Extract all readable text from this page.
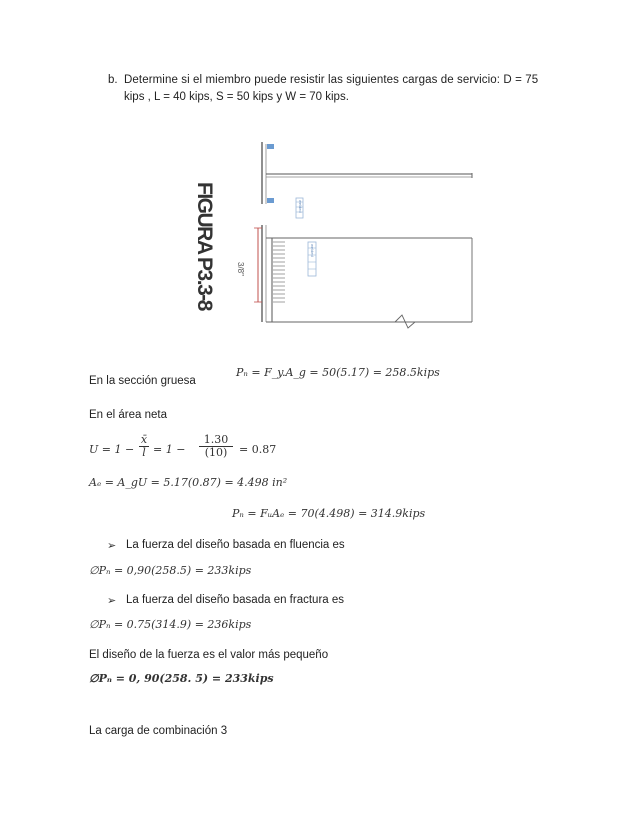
b. Determine si el miembro puede resistir las siguientes cargas de servicio: D = 75
kips , L = 40 kips, S = 50 kips y W = 70 kips.
FIGURA P3.3-8	3/8"
welded
welded
En la sección gruesa
Pₙ = F_y.A_g = 50(5.17) = 258.5kips
En el área neta
U = 1 −
x̄
l = 1 −
1.30
(10)	= 0.87
Aₑ = A_gU = 5.17(0.87) = 4.498 in²
Pₙ = FᵤAₑ = 70(4.498) = 314.9kips
➢ La fuerza del diseño basada en fluencia es
∅Pₙ = 0,90(258.5) = 233kips
➢ La fuerza del diseño basada en fractura es
∅Pₙ = 0.75(314.9) = 236kips
El diseño de la fuerza es el valor más pequeño
∅Pₙ = 0, 90(258. 5) = 233kips
La carga de combinación 3
